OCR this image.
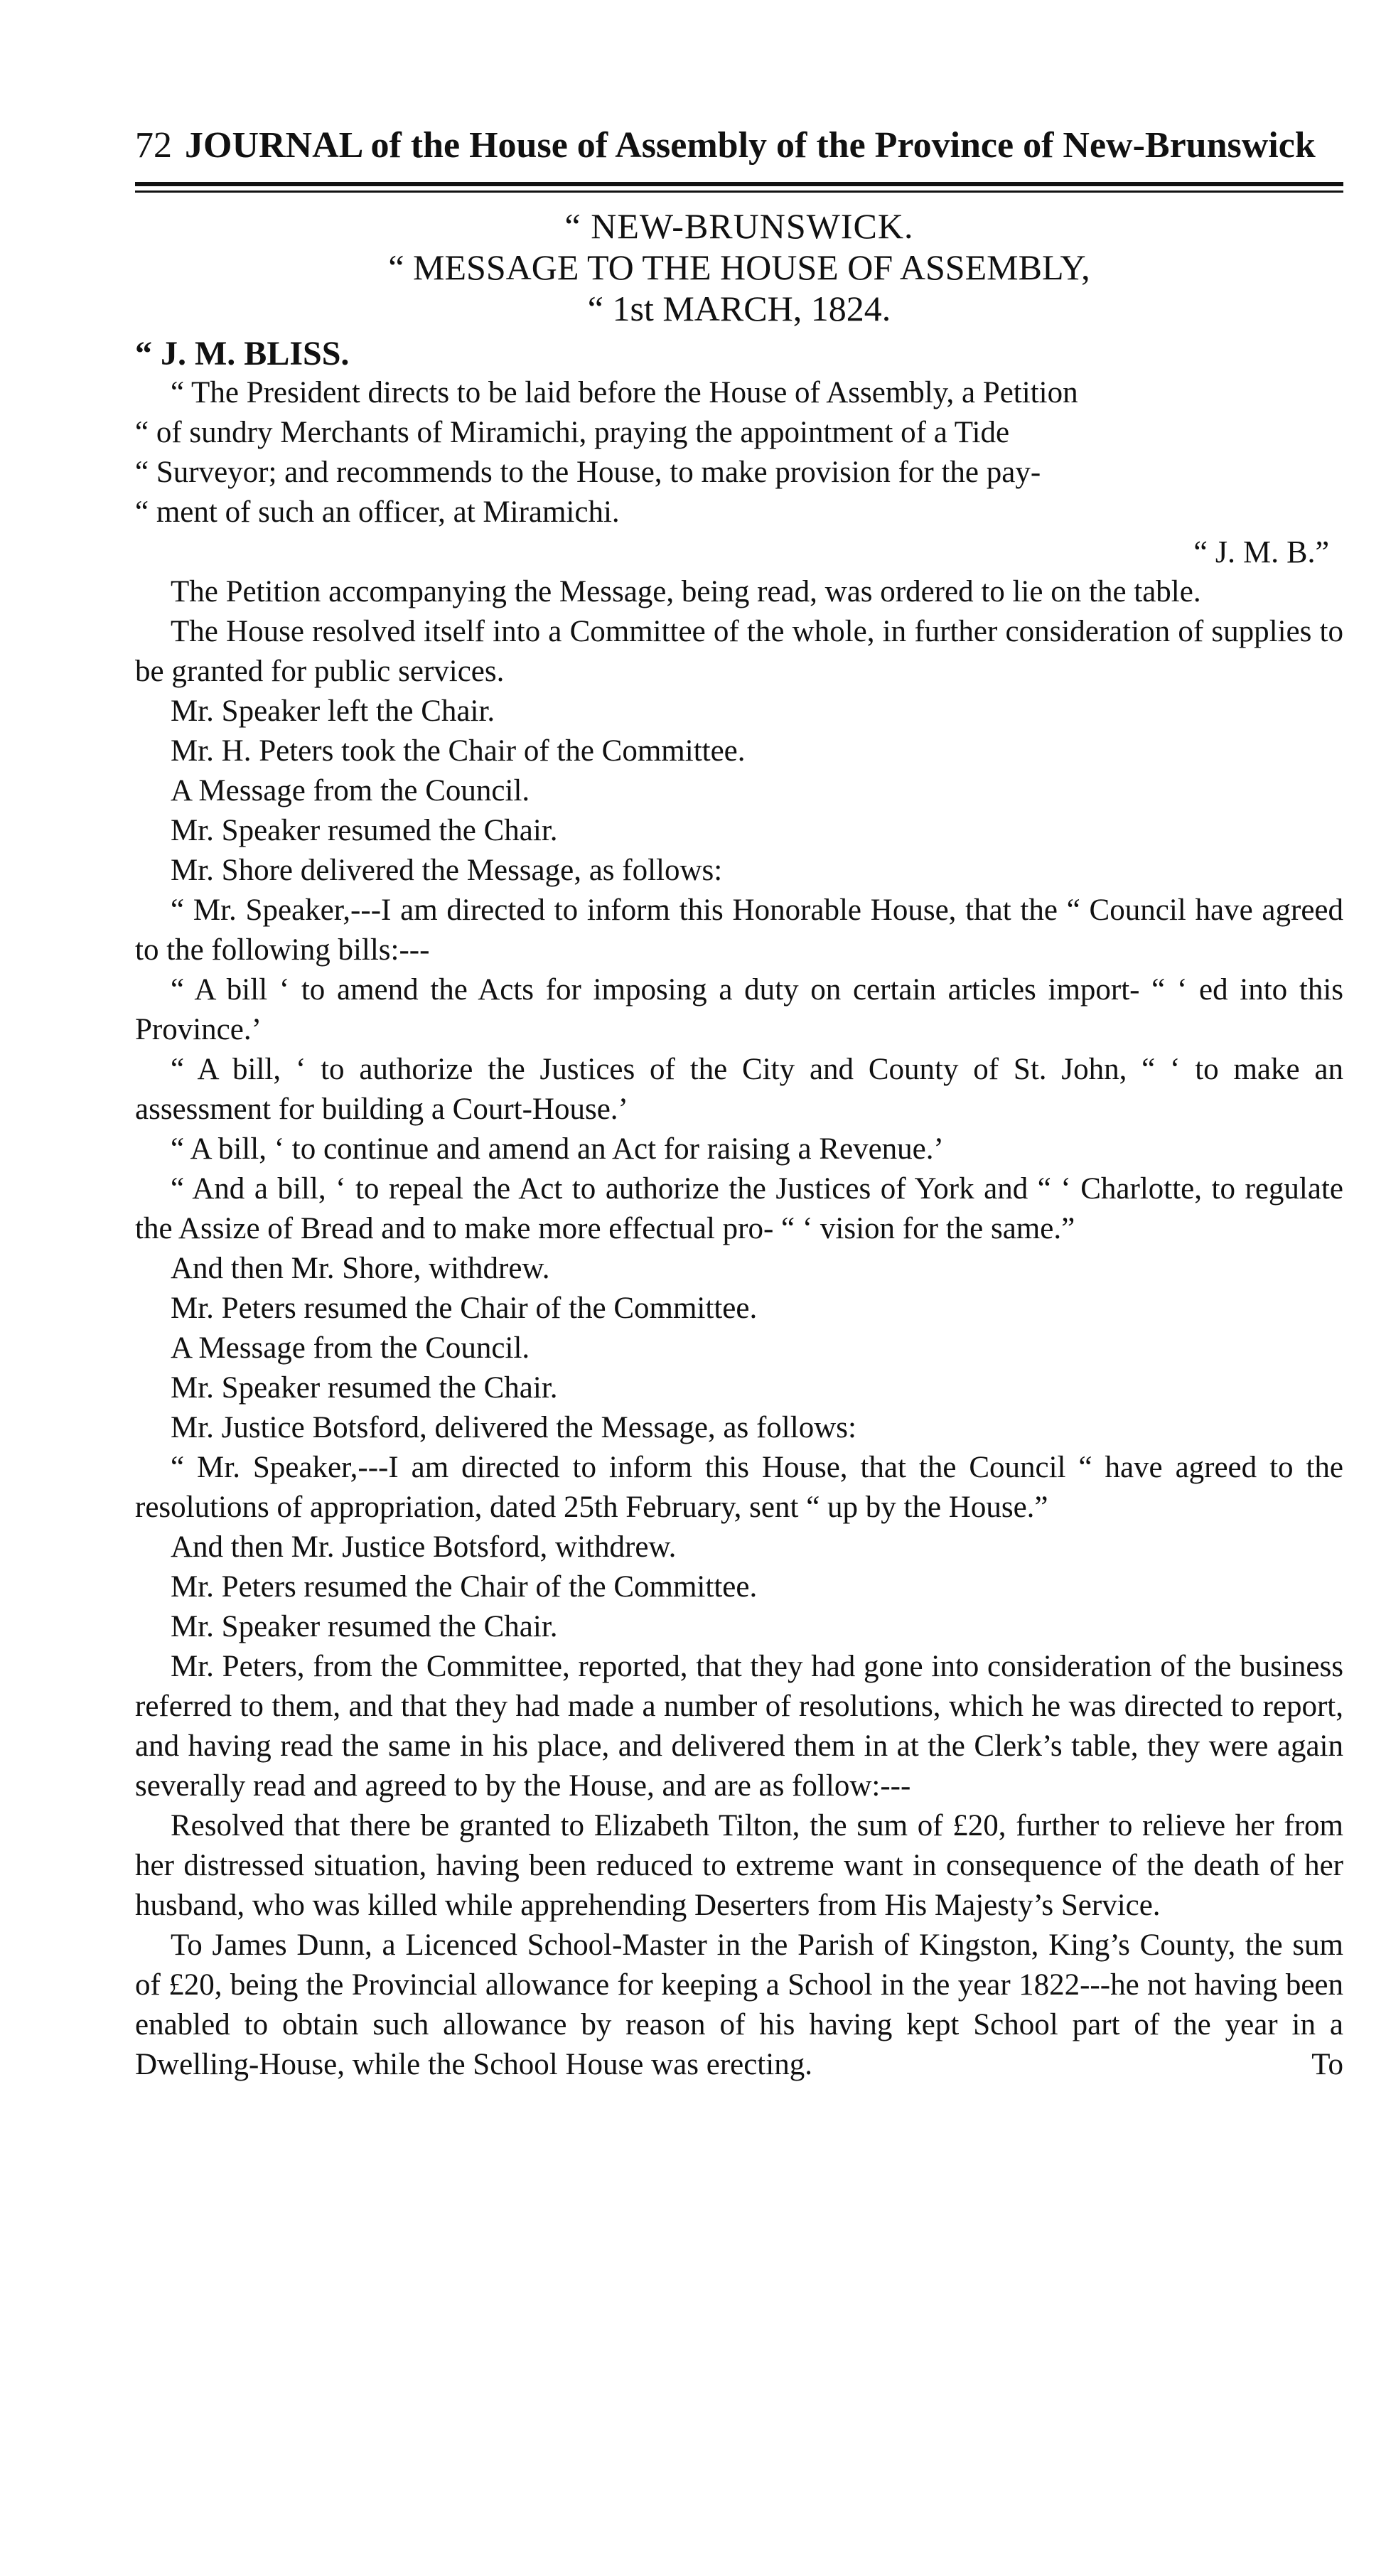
72 JOURNAL of the House of Assembly of the Province of New-Brunswick
“ NEW-BRUNSWICK.
“ MESSAGE TO THE HOUSE OF ASSEMBLY,
“ 1st MARCH, 1824.
“ J. M. BLISS.

“ The President directs to be laid before the House of Assembly, a Petition

“ of sundry Merchants of Miramichi, praying the appointment of a Tide

“ Surveyor; and recommends to the House, to make provision for the pay-

“ ment of such an officer, at Miramichi.

“ J. M. B.”

The Petition accompanying the Message, being read, was ordered to lie on the table.

The House resolved itself into a Committee of the whole, in further consideration of supplies to be granted for public services.

Mr. Speaker left the Chair.

Mr. H. Peters took the Chair of the Committee.

A Message from the Council.

Mr. Speaker resumed the Chair.

Mr. Shore delivered the Message, as follows:

“ Mr. Speaker,---I am directed to inform this Honorable House, that the “ Council have agreed to the following bills:---

“ A bill ‘ to amend the Acts for imposing a duty on certain articles import- “ ‘ ed into this Province.’

“ A bill, ‘ to authorize the Justices of the City and County of St. John, “ ‘ to make an assessment for building a Court-House.’

“ A bill, ‘ to continue and amend an Act for raising a Revenue.’

“ And a bill, ‘ to repeal the Act to authorize the Justices of York and “ ‘ Charlotte, to regulate the Assize of Bread and to make more effectual pro- “ ‘ vision for the same.”

And then Mr. Shore, withdrew.

Mr. Peters resumed the Chair of the Committee.

A Message from the Council.

Mr. Speaker resumed the Chair.

Mr. Justice Botsford, delivered the Message, as follows:

“ Mr. Speaker,---I am directed to inform this House, that the Council “ have agreed to the resolutions of appropriation, dated 25th February, sent “ up by the House.”

And then Mr. Justice Botsford, withdrew.

Mr. Peters resumed the Chair of the Committee.

Mr. Speaker resumed the Chair.

Mr. Peters, from the Committee, reported, that they had gone into consideration of the business referred to them, and that they had made a number of resolutions, which he was directed to report, and having read the same in his place, and delivered them in at the Clerk’s table, they were again severally read and agreed to by the House, and are as follow:---

Resolved that there be granted to Elizabeth Tilton, the sum of £20, further to relieve her from her distressed situation, having been reduced to extreme want in consequence of the death of her husband, who was killed while apprehending Deserters from His Majesty’s Service.

To James Dunn, a Licenced School-Master in the Parish of Kingston, King’s County, the sum of £20, being the Provincial allowance for keeping a School in the year 1822---he not having been enabled to obtain such allowance by reason of his having kept School part of the year in a Dwelling-House, while the School House was erecting.	To
